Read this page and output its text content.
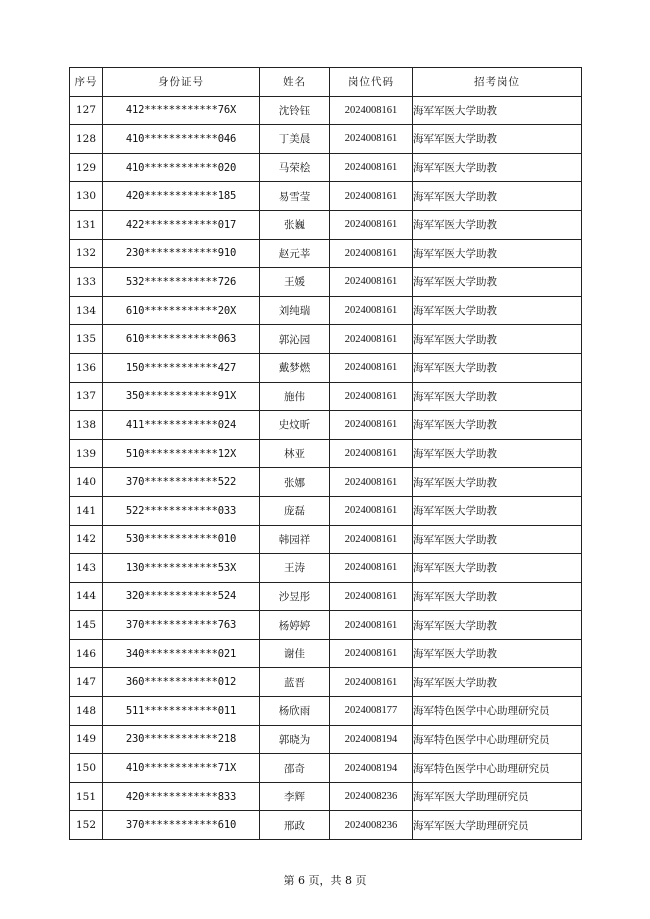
序号	身份证号	姓名	岗位代码	招考岗位
127	412************76X	沈铃钰	2024008161	海军军医大学助教
128	410************046	丁美晨	2024008161	海军军医大学助教
129	410************020	马荣桧	2024008161	海军军医大学助教
130	420************185	易雪莹	2024008161	海军军医大学助教
131	422************017	张巍	2024008161	海军军医大学助教
132	230************910	赵元莘	2024008161	海军军医大学助教
133	532************726	王媛	2024008161	海军军医大学助教
134	610************20X	刘纯瑞	2024008161	海军军医大学助教
135	610************063	郭沁园	2024008161	海军军医大学助教
136	150************427	戴梦燃	2024008161	海军军医大学助教
137	350************91X	施伟	2024008161	海军军医大学助教
138	411************024	史炆昕	2024008161	海军军医大学助教
139	510************12X	林亚	2024008161	海军军医大学助教
140	370************522	张娜	2024008161	海军军医大学助教
141	522************033	庞磊	2024008161	海军军医大学助教
142	530************010	韩园祥	2024008161	海军军医大学助教
143	130************53X	王涛	2024008161	海军军医大学助教
144	320************524	沙昱彤	2024008161	海军军医大学助教
145	370************763	杨婷婷	2024008161	海军军医大学助教
146	340************021	谢佳	2024008161	海军军医大学助教
147	360************012	蓝晋	2024008161	海军军医大学助教
148	511************011	杨欣雨	2024008177	海军特色医学中心助理研究员
149	230************218	郭晓为	2024008194	海军特色医学中心助理研究员
150	410************71X	邵奇	2024008194	海军特色医学中心助理研究员
151	420************833	李辉	2024008236	海军军医大学助理研究员
152	370************610	邢政	2024008236	海军军医大学助理研究员
第 6 页，共 8 页
